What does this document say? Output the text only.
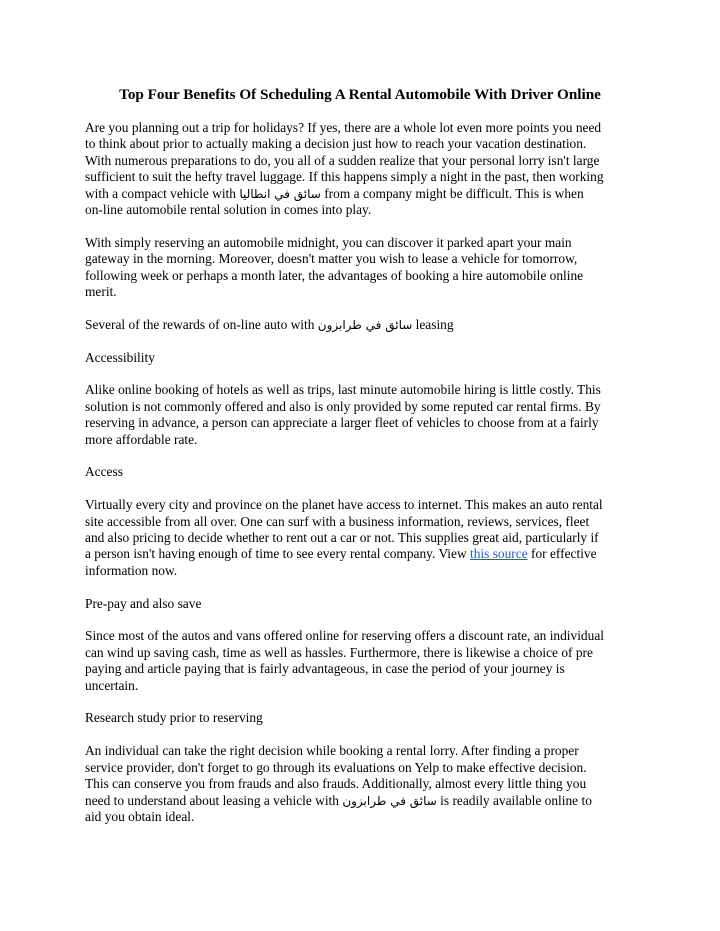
Top Four Benefits Of Scheduling A Rental Automobile With Driver Online

Are you planning out a trip for holidays? If yes, there are a whole lot even more points you need
to think about prior to actually making a decision just how to reach your vacation destination.
With numerous preparations to do, you all of a sudden realize that your personal lorry isn't large
sufficient to suit the hefty travel luggage. If this happens simply a night in the past, then working
with a compact vehicle with سائق في انطاليا from a company might be difficult. This is when
on-line automobile rental solution in comes into play.

With simply reserving an automobile midnight, you can discover it parked apart your main
gateway in the morning. Moreover, doesn't matter you wish to lease a vehicle for tomorrow,
following week or perhaps a month later, the advantages of booking a hire automobile online
merit.

Several of the rewards of on-line auto with سائق في طرابزون leasing

Accessibility

Alike online booking of hotels as well as trips, last minute automobile hiring is little costly. This
solution is not commonly offered and also is only provided by some reputed car rental firms. By
reserving in advance, a person can appreciate a larger fleet of vehicles to choose from at a fairly
more affordable rate.

Access

Virtually every city and province on the planet have access to internet. This makes an auto rental
site accessible from all over. One can surf with a business information, reviews, services, fleet
and also pricing to decide whether to rent out a car or not. This supplies great aid, particularly if
a person isn't having enough of time to see every rental company. View this source for effective
information now.

Pre-pay and also save

Since most of the autos and vans offered online for reserving offers a discount rate, an individual
can wind up saving cash, time as well as hassles. Furthermore, there is likewise a choice of pre
paying and article paying that is fairly advantageous, in case the period of your journey is
uncertain.

Research study prior to reserving

An individual can take the right decision while booking a rental lorry. After finding a proper
service provider, don't forget to go through its evaluations on Yelp to make effective decision.
This can conserve you from frauds and also frauds. Additionally, almost every little thing you
need to understand about leasing a vehicle with سائق في طرابزون is readily available online to
aid you obtain ideal.
